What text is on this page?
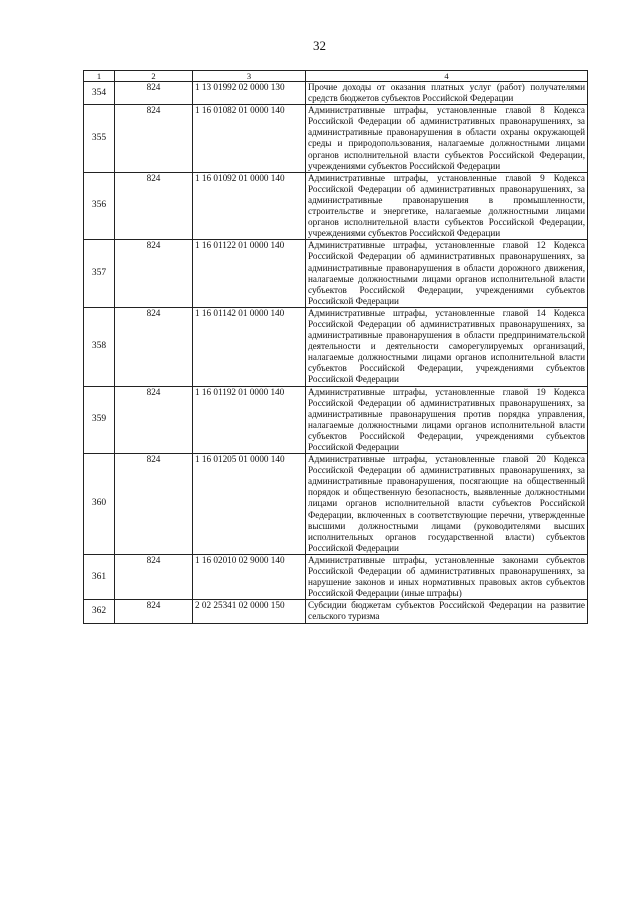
32
1	2	3	4
354	824	1 13 01992 02 0000 130	Прочие доходы от оказания платных услуг (работ) получателями средств бюджетов субъектов Российской Федерации
355	824	1 16 01082 01 0000 140	Административные штрафы, установленные главой 8 Кодекса Российской Федерации об административных правонарушениях, за административные правонарушения в области охраны окружающей среды и природопользования, налагаемые должностными лицами органов исполнительной власти субъектов Российской Федерации, учреждениями субъектов Российской Федерации
356	824	1 16 01092 01 0000 140	Административные штрафы, установленные главой 9 Кодекса Российской Федерации об административных правонарушениях, за административные правонарушения в промышленности, строительстве и энергетике, налагаемые должностными лицами органов исполнительной власти субъектов Российской Федерации, учреждениями субъектов Российской Федерации
357	824	1 16 01122 01 0000 140	Административные штрафы, установленные главой 12 Кодекса Российской Федерации об административных правонарушениях, за административные правонарушения в области дорожного движения, налагаемые должностными лицами органов исполнительной власти субъектов Российской Федерации, учреждениями субъектов Российской Федерации
358	824	1 16 01142 01 0000 140	Административные штрафы, установленные главой 14 Кодекса Российской Федерации об административных правонарушениях, за административные правонарушения в области предпринимательской деятельности и деятельности саморегулируемых организаций, налагаемые должностными лицами органов исполнительной власти субъектов Российской Федерации, учреждениями субъектов Российской Федерации
359	824	1 16 01192 01 0000 140	Административные штрафы, установленные главой 19 Кодекса Российской Федерации об административных правонарушениях, за административные правонарушения против порядка управления, налагаемые должностными лицами органов исполнительной власти субъектов Российской Федерации, учреждениями субъектов Российской Федерации
360	824	1 16 01205 01 0000 140	Административные штрафы, установленные главой 20 Кодекса Российской Федерации об административных правонарушениях, за административные правонарушения, посягающие на общественный порядок и общественную безопасность, выявленные должностными лицами органов исполнительной власти субъектов Российской Федерации, включенных в соответствующие перечни, утвержденные высшими должностными лицами (руководителями высших исполнительных органов государственной власти) субъектов Российской Федерации
361	824	1 16 02010 02 9000 140	Административные штрафы, установленные законами субъектов Российской Федерации об административных правонарушениях, за нарушение законов и иных нормативных правовых актов субъектов Российской Федерации (иные штрафы)
362	824	2 02 25341 02 0000 150	Субсидии бюджетам субъектов Российской Федерации на развитие сельского туризма
